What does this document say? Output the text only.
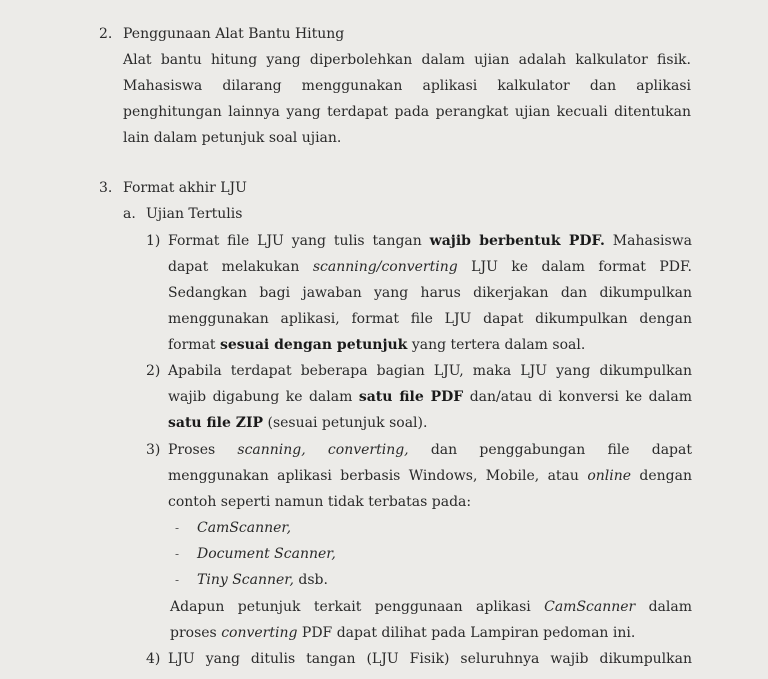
2. Penggunaan Alat Bantu Hitung
Alat bantu hitung yang diperbolehkan dalam ujian adalah kalkulator fisik.
Mahasiswa dilarang menggunakan aplikasi kalkulator dan aplikasi
penghitungan lainnya yang terdapat pada perangkat ujian kecuali ditentukan
lain dalam petunjuk soal ujian.
3. Format akhir LJU
a. Ujian Tertulis
1) Format file LJU yang tulis tangan wajib berbentuk PDF. Mahasiswa
dapat melakukan scanning/converting LJU ke dalam format PDF.
Sedangkan bagi jawaban yang harus dikerjakan dan dikumpulkan
menggunakan aplikasi, format file LJU dapat dikumpulkan dengan
format sesuai dengan petunjuk yang tertera dalam soal.
2) Apabila terdapat beberapa bagian LJU, maka LJU yang dikumpulkan
wajib digabung ke dalam satu file PDF dan/atau di konversi ke dalam
satu file ZIP (sesuai petunjuk soal).
3) Proses scanning, converting, dan penggabungan file dapat
menggunakan aplikasi berbasis Windows, Mobile, atau online dengan
contoh seperti namun tidak terbatas pada:
- CamScanner,
- Document Scanner,
- Tiny Scanner, dsb.
Adapun petunjuk terkait penggunaan aplikasi CamScanner dalam
proses converting PDF dapat dilihat pada Lampiran pedoman ini.
4) LJU yang ditulis tangan (LJU Fisik) seluruhnya wajib dikumpulkan
